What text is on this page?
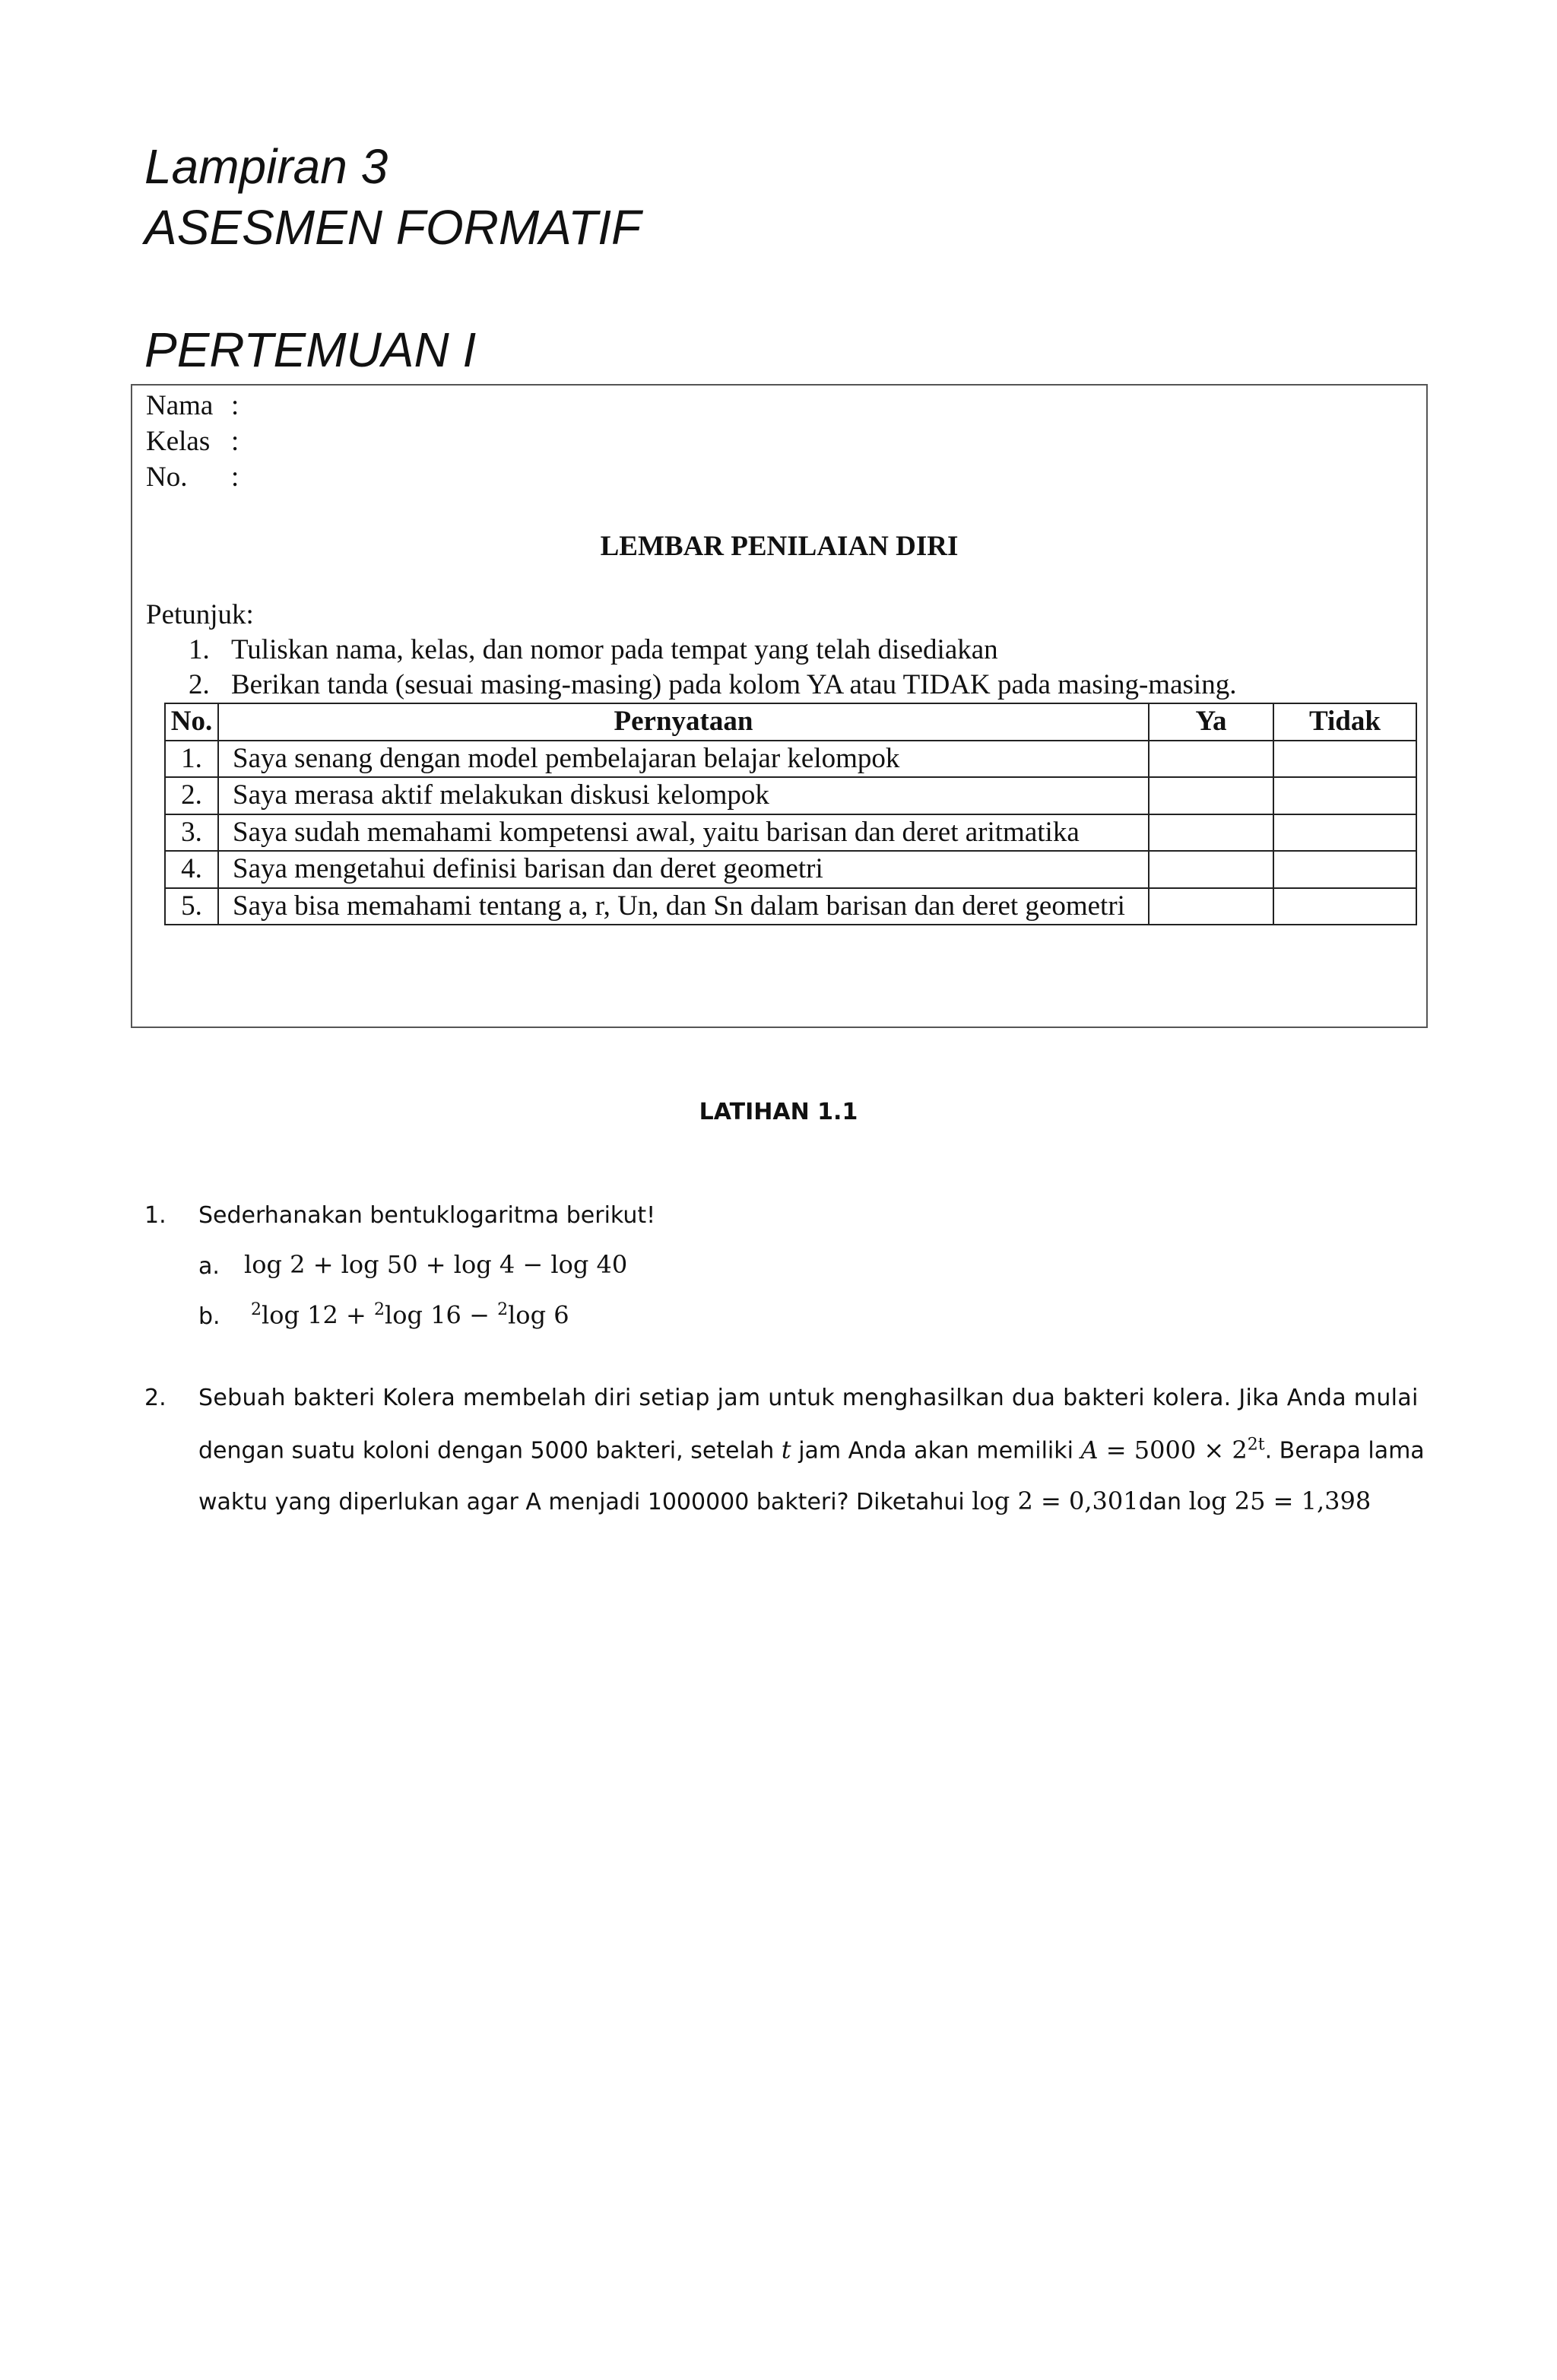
Lampiran 3
ASESMEN FORMATIF
PERTEMUAN I
Nama :
Kelas :
No. :
LEMBAR PENILAIAN DIRI
Petunjuk:
1. Tuliskan nama, kelas, dan nomor pada tempat yang telah disediakan
2. Berikan tanda (sesuai masing-masing) pada kolom YA atau TIDAK pada masing-masing.
No.	Pernyataan	Ya	Tidak
1.	Saya senang dengan model pembelajaran belajar kelompok		
2.	Saya merasa aktif melakukan diskusi kelompok		
3.	Saya sudah memahami kompetensi awal, yaitu barisan dan deret aritmatika		
4.	Saya mengetahui definisi barisan dan deret geometri		
5.	Saya bisa memahami tentang a, r, Un, dan Sn dalam barisan dan deret geometri		
LATIHAN 1.1
1. Sederhanakan bentuklogaritma berikut!
a. log 2 + log 50 + log 4 − log 40
b. $^2$log 12 + $^2$log 16 − $^2$log 6
2. Sebuah bakteri Kolera membelah diri setiap jam untuk menghasilkan dua bakteri kolera. Jika Anda mulai
dengan suatu koloni dengan 5000 bakteri, setelah t jam Anda akan memiliki $A = 5000 \times 2^{2t}$. Berapa lama
waktu yang diperlukan agar A menjadi 1000000 bakteri? Diketahui log 2 = 0,301dan log 25 = 1,398
